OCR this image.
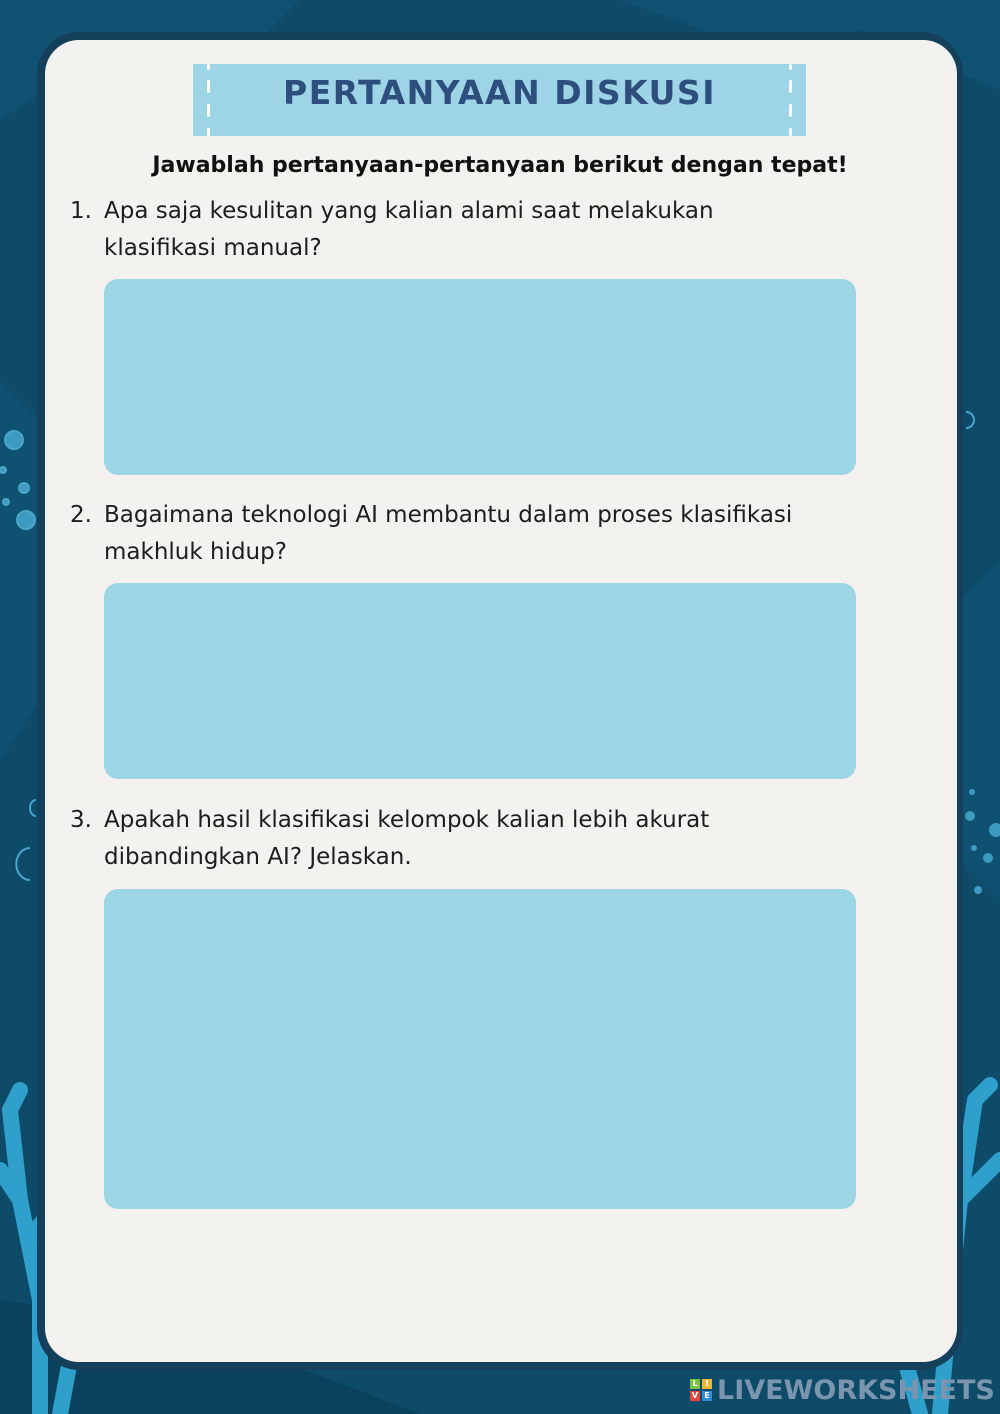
PERTANYAAN DISKUSI
Jawablah pertanyaan-pertanyaan berikut dengan tepat!
1. Apa saja kesulitan yang kalian alami saat melakukan klasifikasi manual?
2. Bagaimana teknologi AI membantu dalam proses klasifikasi makhluk hidup?
3. Apakah hasil klasifikasi kelompok kalian lebih akurat dibandingkan AI? Jelaskan.
L I
V E LIVEWORKSHEETS
